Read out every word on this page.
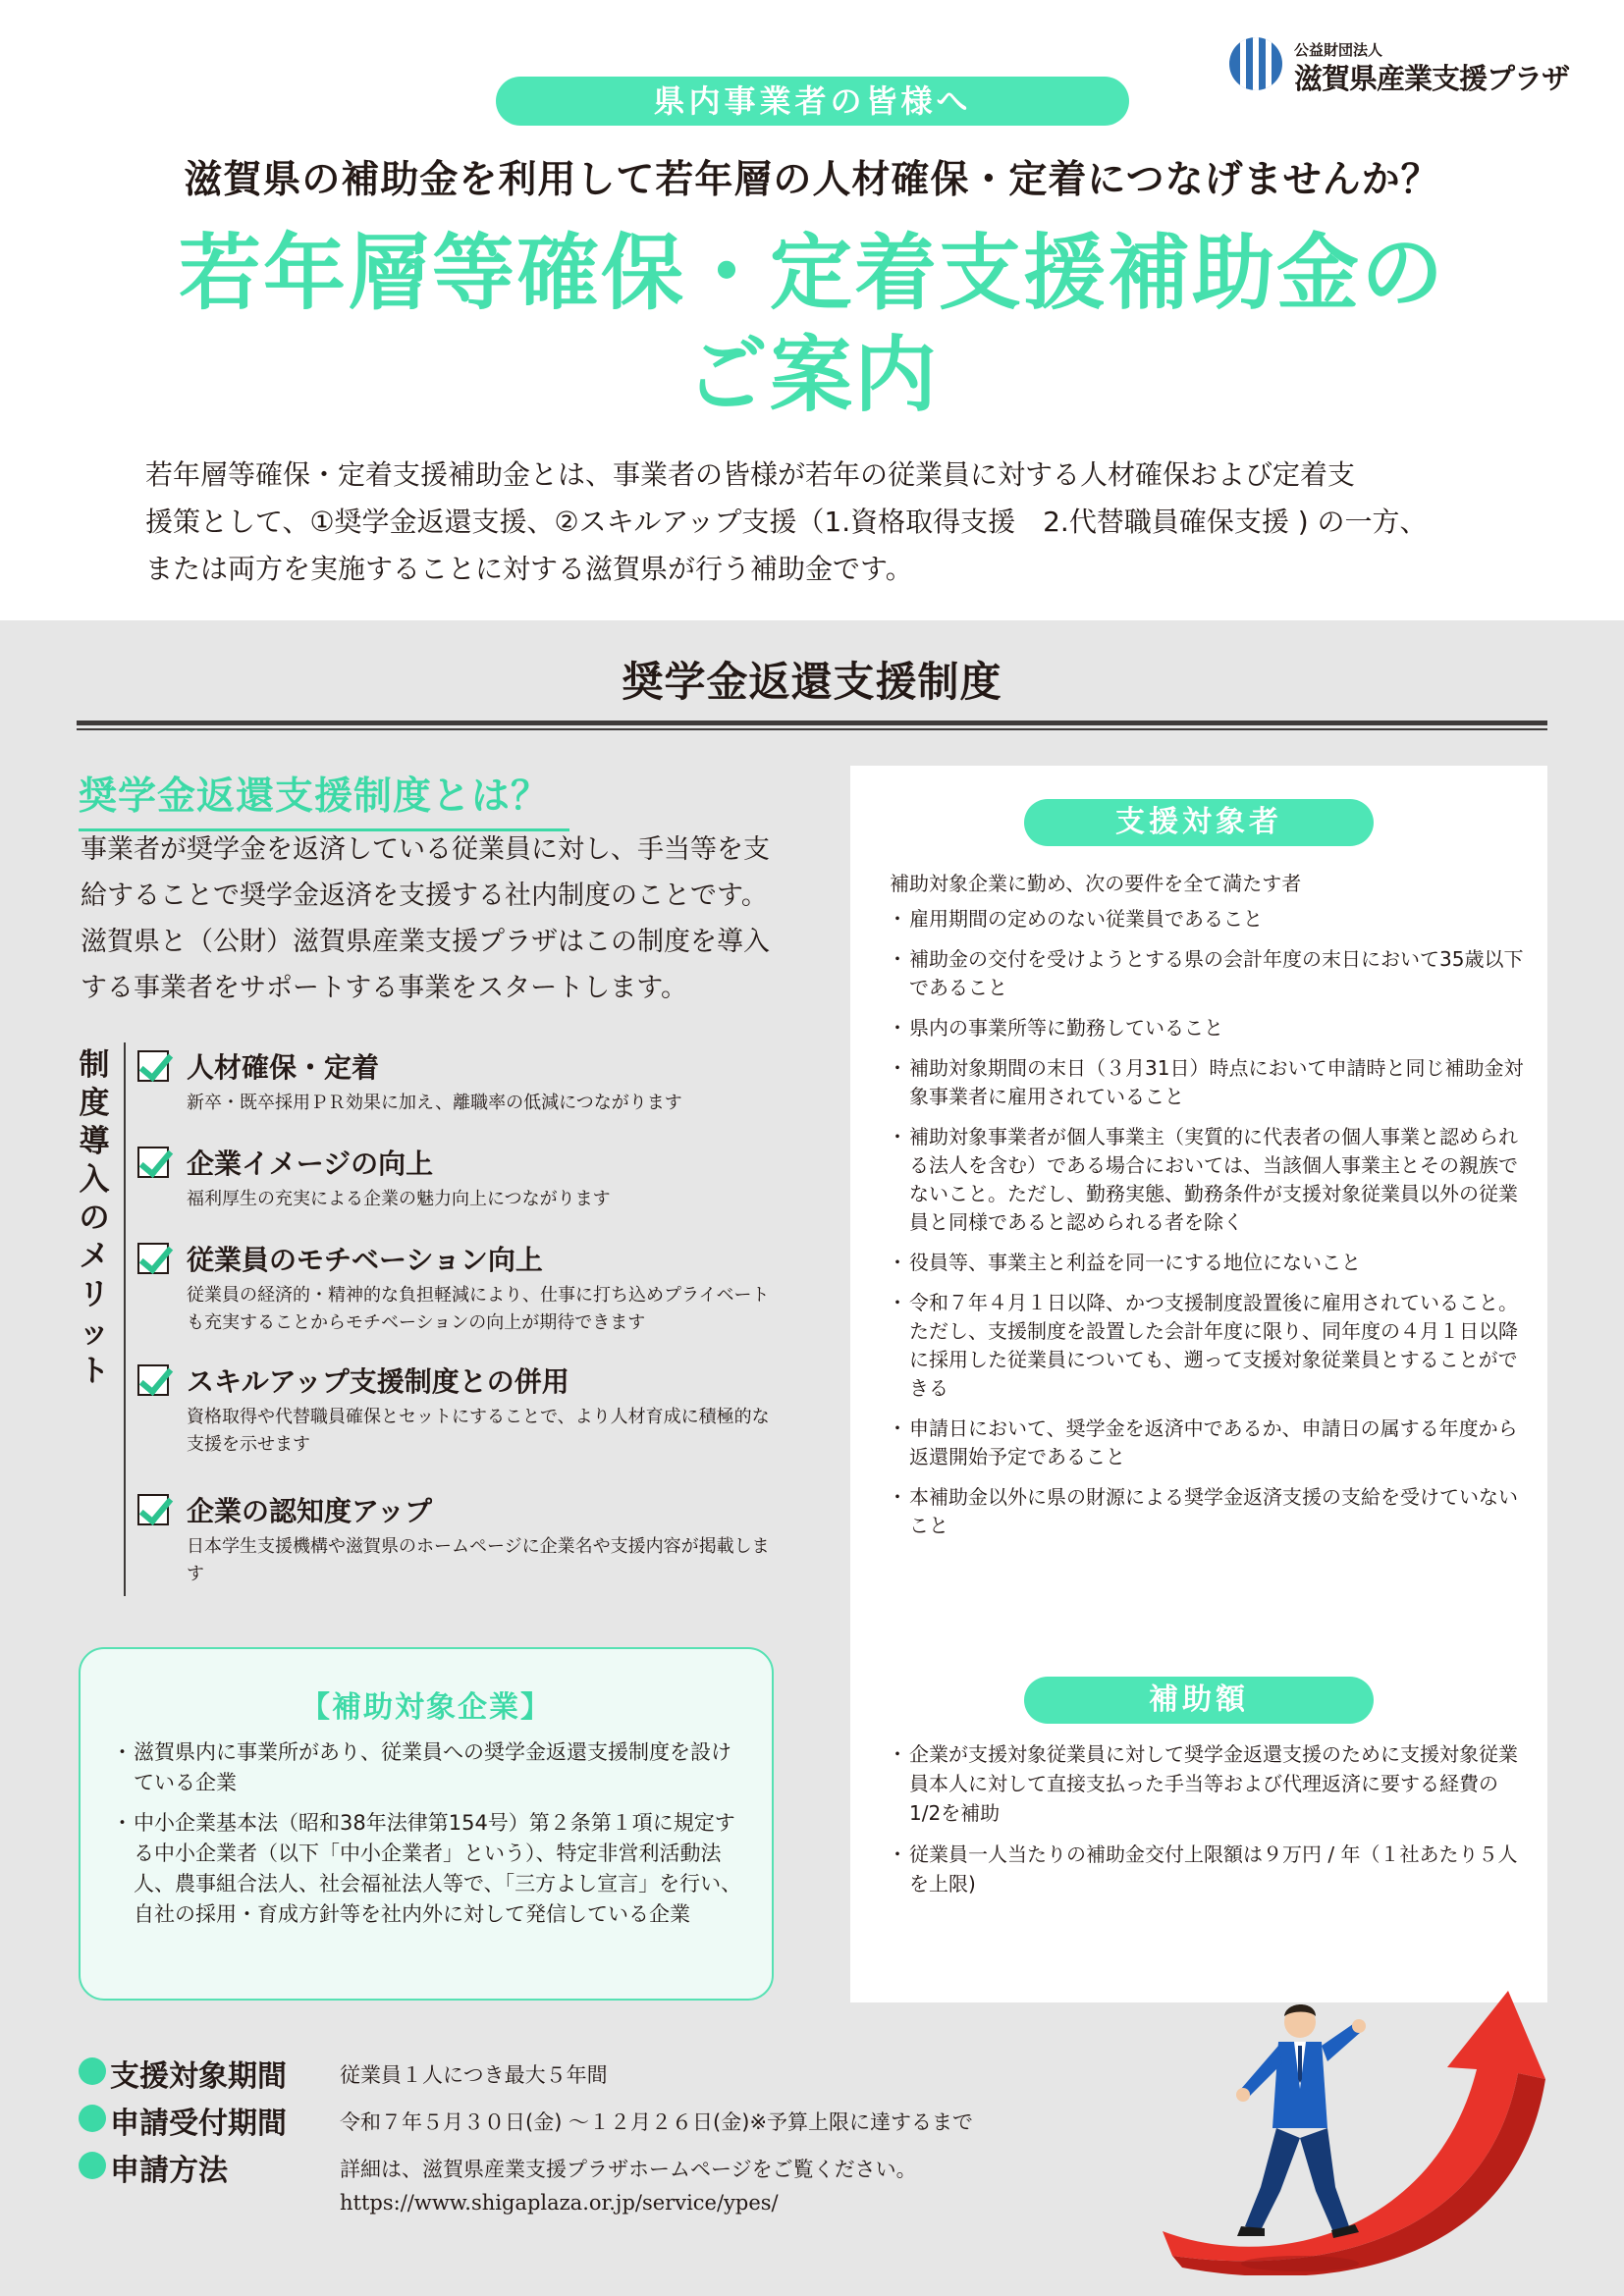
公益財団法人
滋賀県産業支援プラザ
県内事業者の皆様へ
滋賀県の補助金を利用して若年層の人材確保・定着につなげませんか？
若年層等確保・定着支援補助金の
ご案内
若年層等確保・定着支援補助金とは、事業者の皆様が若年の従業員に対する人材確保および定着支
援策として、①奨学金返還支援、②スキルアップ支援（1.資格取得支援　2.代替職員確保支援 ) の一方、
または両方を実施することに対する滋賀県が行う補助金です。
奨学金返還支援制度
奨学金返還支援制度とは？
事業者が奨学金を返済している従業員に対し、手当等を支
給することで奨学金返済を支援する社内制度のことです。
滋賀県と（公財）滋賀県産業支援プラザはこの制度を導入
する事業者をサポートする事業をスタートします。
制度導入のメリット
人材確保・定着
新卒・既卒採用ＰＲ効果に加え、離職率の低減につながります
企業イメージの向上
福利厚生の充実による企業の魅力向上につながります
従業員のモチベーション向上
従業員の経済的・精神的な負担軽減により、仕事に打ち込めプライベートも充実することからモチベーションの向上が期待できます
スキルアップ支援制度との併用
資格取得や代替職員確保とセットにすることで、より人材育成に積極的な支援を示せます
企業の認知度アップ
日本学生支援機構や滋賀県のホームページに企業名や支援内容が掲載します
【補助対象企業】
・ 滋賀県内に事業所があり、従業員への奨学金返還支援制度を設けている企業
・ 中小企業基本法（昭和38年法律第154号）第２条第１項に規定する中小企業者（以下「中小企業者」という）、特定非営利活動法人、農事組合法人、社会福祉法人等で、「三方よし宣言」を行い、自社の採用・育成方針等を社内外に対して発信している企業
支援対象者
補助対象企業に勤め、次の要件を全て満たす者
・ 雇用期間の定めのない従業員であること
・ 補助金の交付を受けようとする県の会計年度の末日において35歳以下であること
・ 県内の事業所等に勤務していること
・ 補助対象期間の末日（３月31日）時点において申請時と同じ補助金対象事業者に雇用されていること
・ 補助対象事業者が個人事業主（実質的に代表者の個人事業と認められる法人を含む）である場合においては、当該個人事業主とその親族でないこと。ただし、勤務実態、勤務条件が支援対象従業員以外の従業員と同様であると認められる者を除く
・ 役員等、事業主と利益を同一にする地位にないこと
・ 令和７年４月１日以降、かつ支援制度設置後に雇用されていること。ただし、支援制度を設置した会計年度に限り、同年度の４月１日以降に採用した従業員についても、遡って支援対象従業員とすることができる
・ 申請日において、奨学金を返済中であるか、申請日の属する年度から返還開始予定であること
・ 本補助金以外に県の財源による奨学金返済支援の支給を受けていないこと
補助額
・ 企業が支援対象従業員に対して奨学金返還支援のために支援対象従業員本人に対して直接支払った手当等および代理返済に要する経費の1/2を補助
・ 従業員一人当たりの補助金交付上限額は９万円 / 年（１社あたり５人を上限)
支援対象期間	従業員１人につき最大５年間
申請受付期間	令和７年５月３０日(金) ～１２月２６日(金)※予算上限に達するまで
申請方法	詳細は、滋賀県産業支援プラザホームページをご覧ください。
https://www.shigaplaza.or.jp/service/ypes/
